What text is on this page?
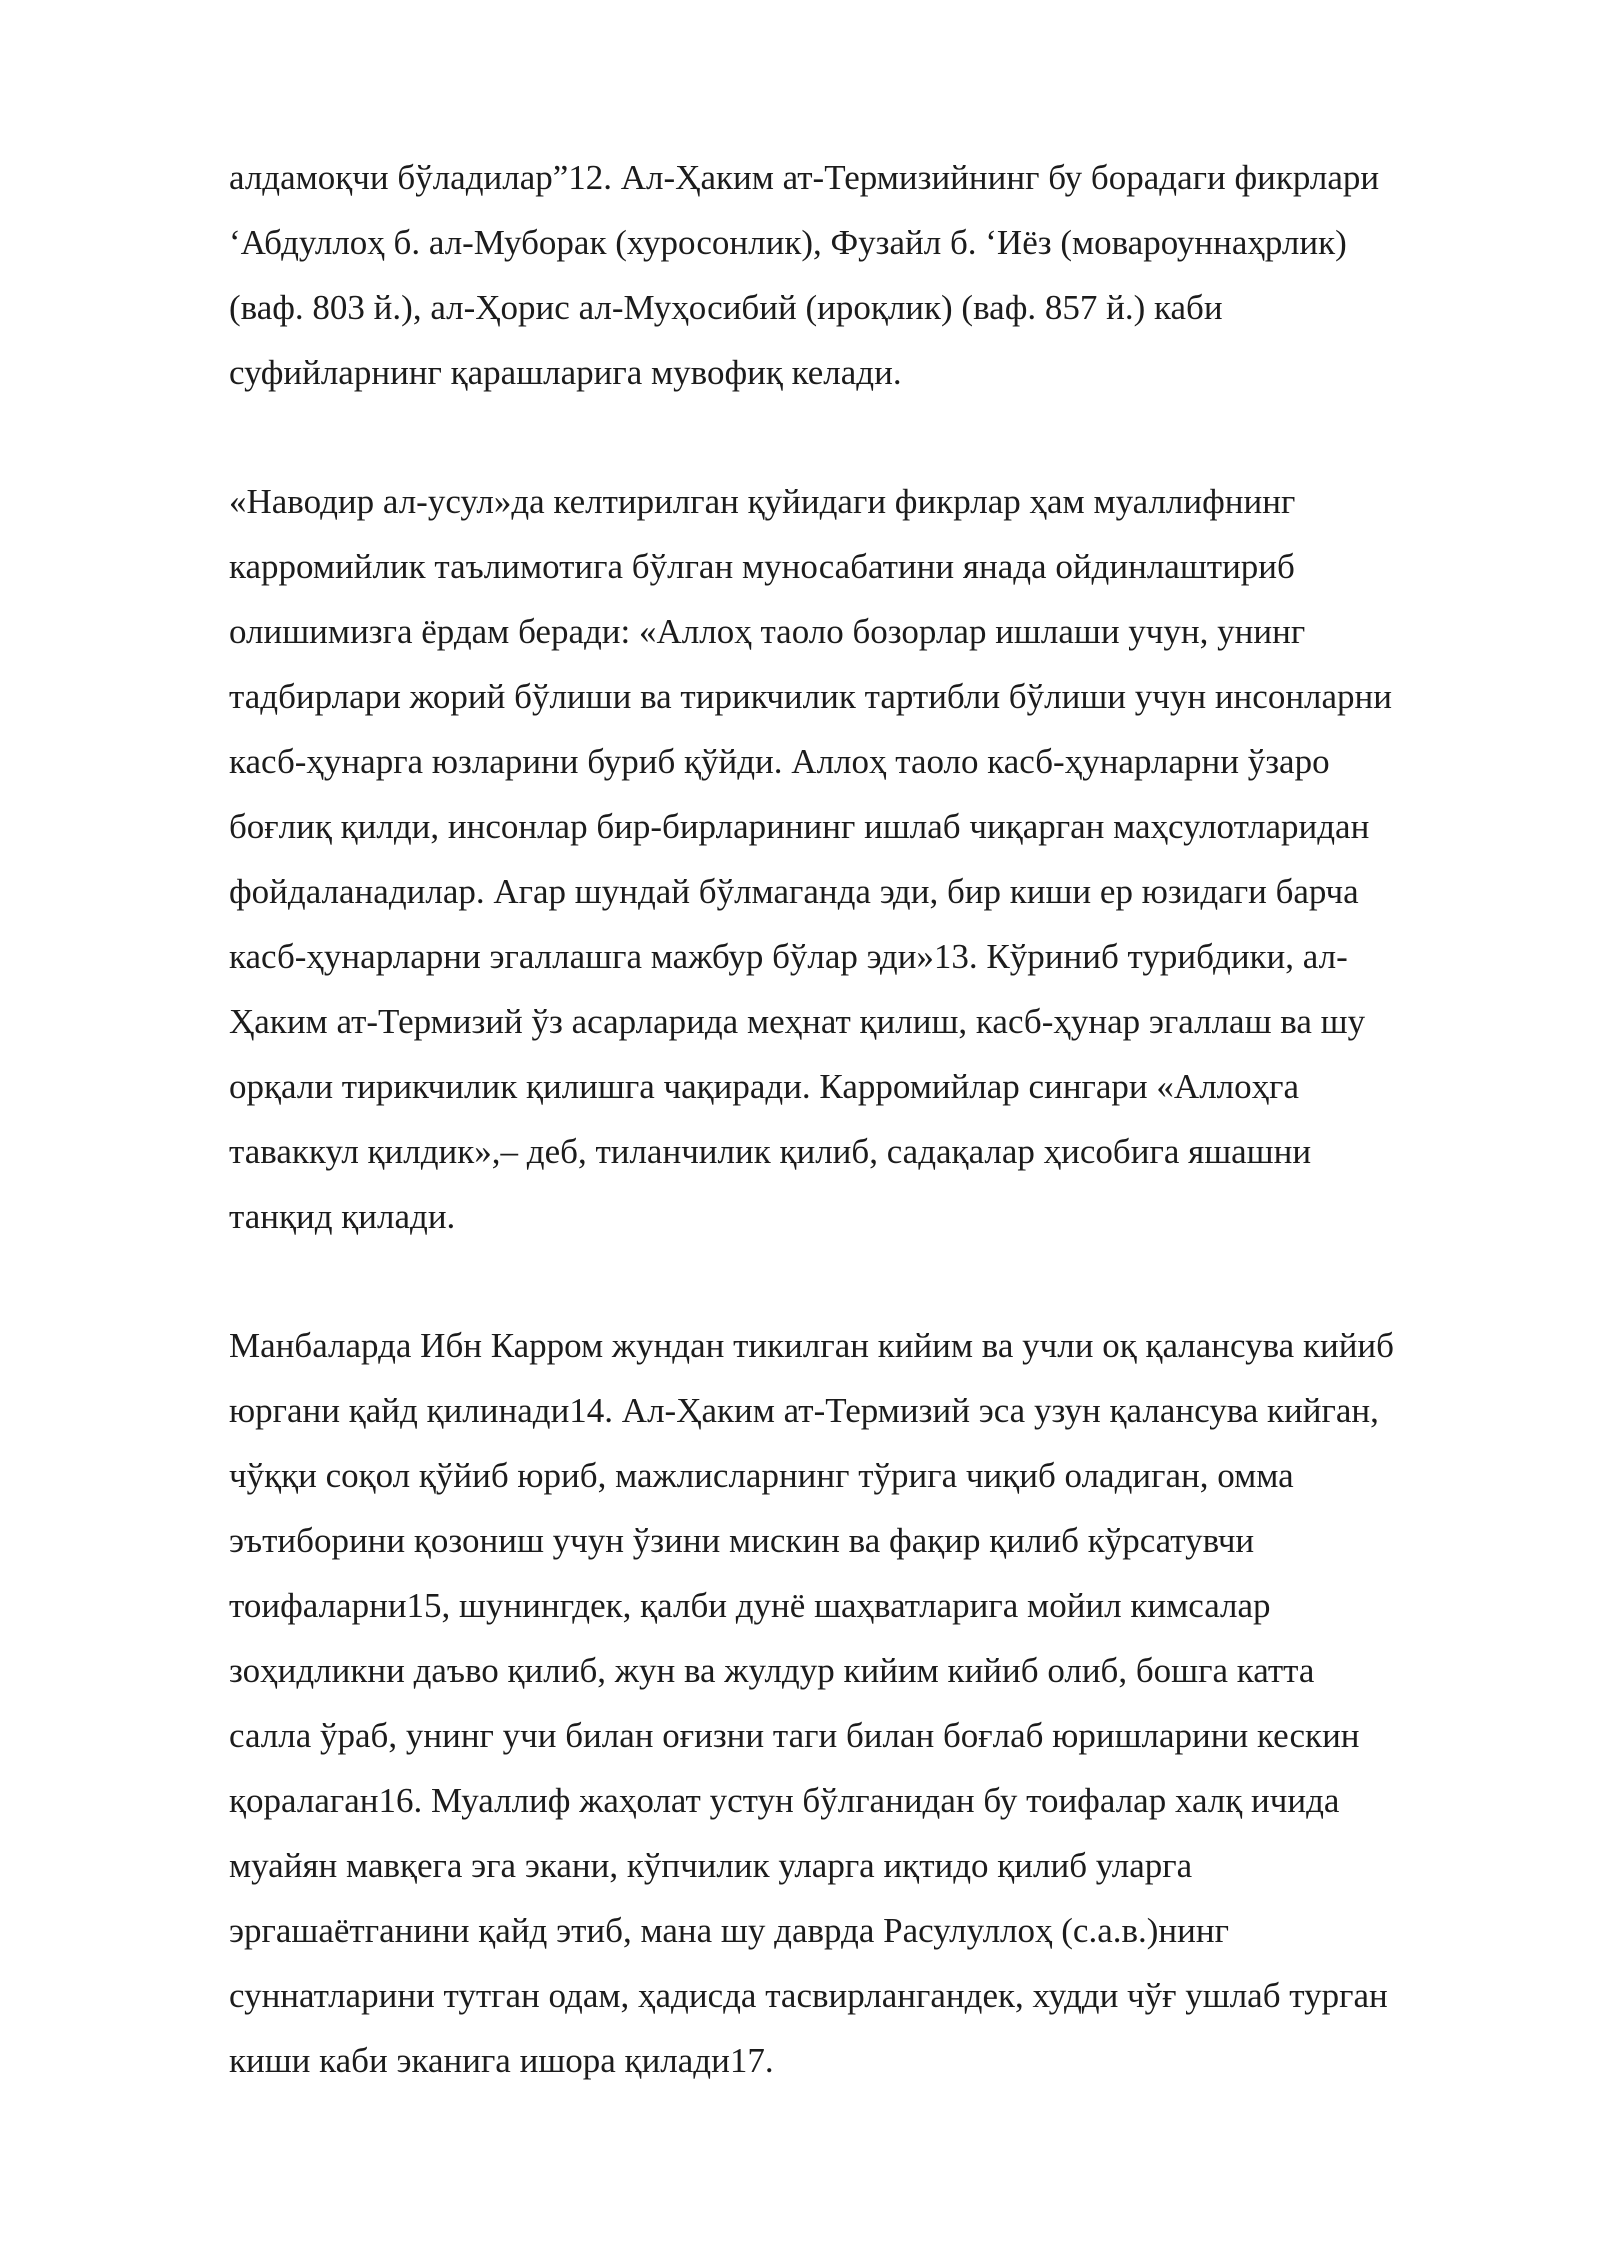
алдамоқчи бўладилар”12. Ал-Ҳаким ат-Термизийнинг бу борадаги фикрлари
ʻАбдуллоҳ б. ал-Муборак (хуросонлик), Фузайл б. ʻИёз (мовароуннаҳрлик)
(ваф. 803 й.), ал-Ҳорис ал-Муҳосибий (ироқлик) (ваф. 857 й.) каби
суфийларнинг қарашларига мувофиқ келади.
«Наводир ал-усул»да келтирилган қуйидаги фикрлар ҳам муаллифнинг
карромийлик таълимотига бўлган муносабатини янада ойдинлаштириб
олишимизга ёрдам беради: «Аллоҳ таоло бозорлар ишлаши учун, унинг
тадбирлари жорий бўлиши ва тирикчилик тартибли бўлиши учун инсонларни
касб-ҳунарга юзларини буриб қўйди. Аллоҳ таоло касб-ҳунарларни ўзаро
боғлиқ қилди, инсонлар бир-бирларининг ишлаб чиқарган маҳсулотларидан
фойдаланадилар. Агар шундай бўлмаганда эди, бир киши ер юзидаги барча
касб-ҳунарларни эгаллашга мажбур бўлар эди»13. Кўриниб турибдики, ал-
Ҳаким ат-Термизий ўз асарларида меҳнат қилиш, касб-ҳунар эгаллаш ва шу
орқали тирикчилик қилишга чақиради. Карромийлар сингари «Аллоҳга
таваккул қилдик»,– деб, тиланчилик қилиб, садақалар ҳисобига яшашни
танқид қилади.
Манбаларда Ибн Карром жундан тикилган кийим ва учли оқ қалансува кийиб
юргани қайд қилинади14. Ал-Ҳаким ат-Термизий эса узун қалансува кийган,
чўққи соқол қўйиб юриб, мажлисларнинг тўрига чиқиб оладиган, омма
эътиборини қозониш учун ўзини мискин ва фақир қилиб кўрсатувчи
тоифаларни15, шунингдек, қалби дунё шаҳватларига мойил кимсалар
зоҳидликни даъво қилиб, жун ва жулдур кийим кийиб олиб, бошга катта
салла ўраб, унинг учи билан оғизни таги билан боғлаб юришларини кескин
қоралаган16. Муаллиф жаҳолат устун бўлганидан бу тоифалар халқ ичида
муайян мавқега эга экани, кўпчилик уларга иқтидо қилиб уларга
эргашаётганини қайд этиб, мана шу даврда Расулуллоҳ (с.а.в.)нинг
суннатларини тутган одам, ҳадисда тасвирлангандек, худди чўғ ушлаб турган
киши каби эканига ишора қилади17.
